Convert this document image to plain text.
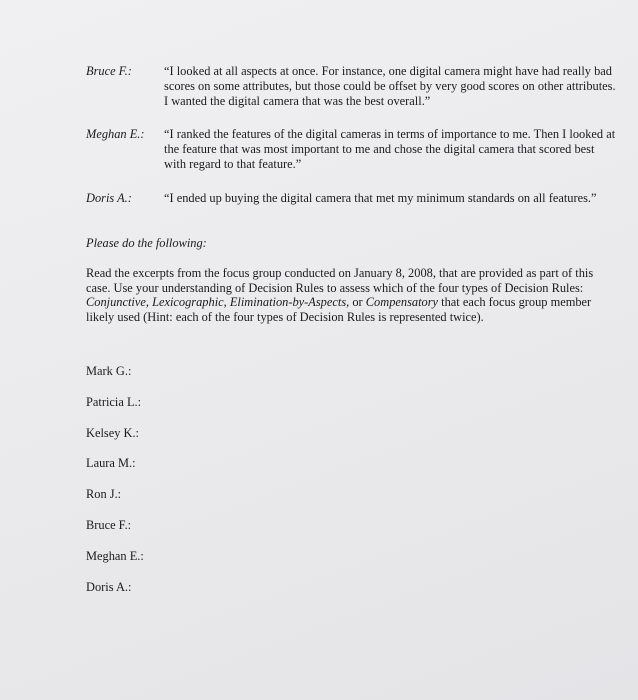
Bruce F.:	“I looked at all aspects at once. For instance, one digital camera might have had really bad scores on some attributes, but those could be offset by very good scores on other attributes. I wanted the digital camera that was the best overall.”
Meghan E.: “I ranked the features of the digital cameras in terms of importance to me. Then I looked at the feature that was most important to me and chose the digital camera that scored best with regard to that feature.”
Doris A.:	“I ended up buying the digital camera that met my minimum standards on all features.”
Please do the following:
Read the excerpts from the focus group conducted on January 8, 2008, that are provided as part of this case. Use your understanding of Decision Rules to assess which of the four types of Decision Rules: Conjunctive, Lexicographic, Elimination-by-Aspects, or Compensatory that each focus group member likely used (Hint: each of the four types of Decision Rules is represented twice).
Mark G.:
Patricia L.:
Kelsey K.:
Laura M.:
Ron J.:
Bruce F.:
Meghan E.:
Doris A.:
